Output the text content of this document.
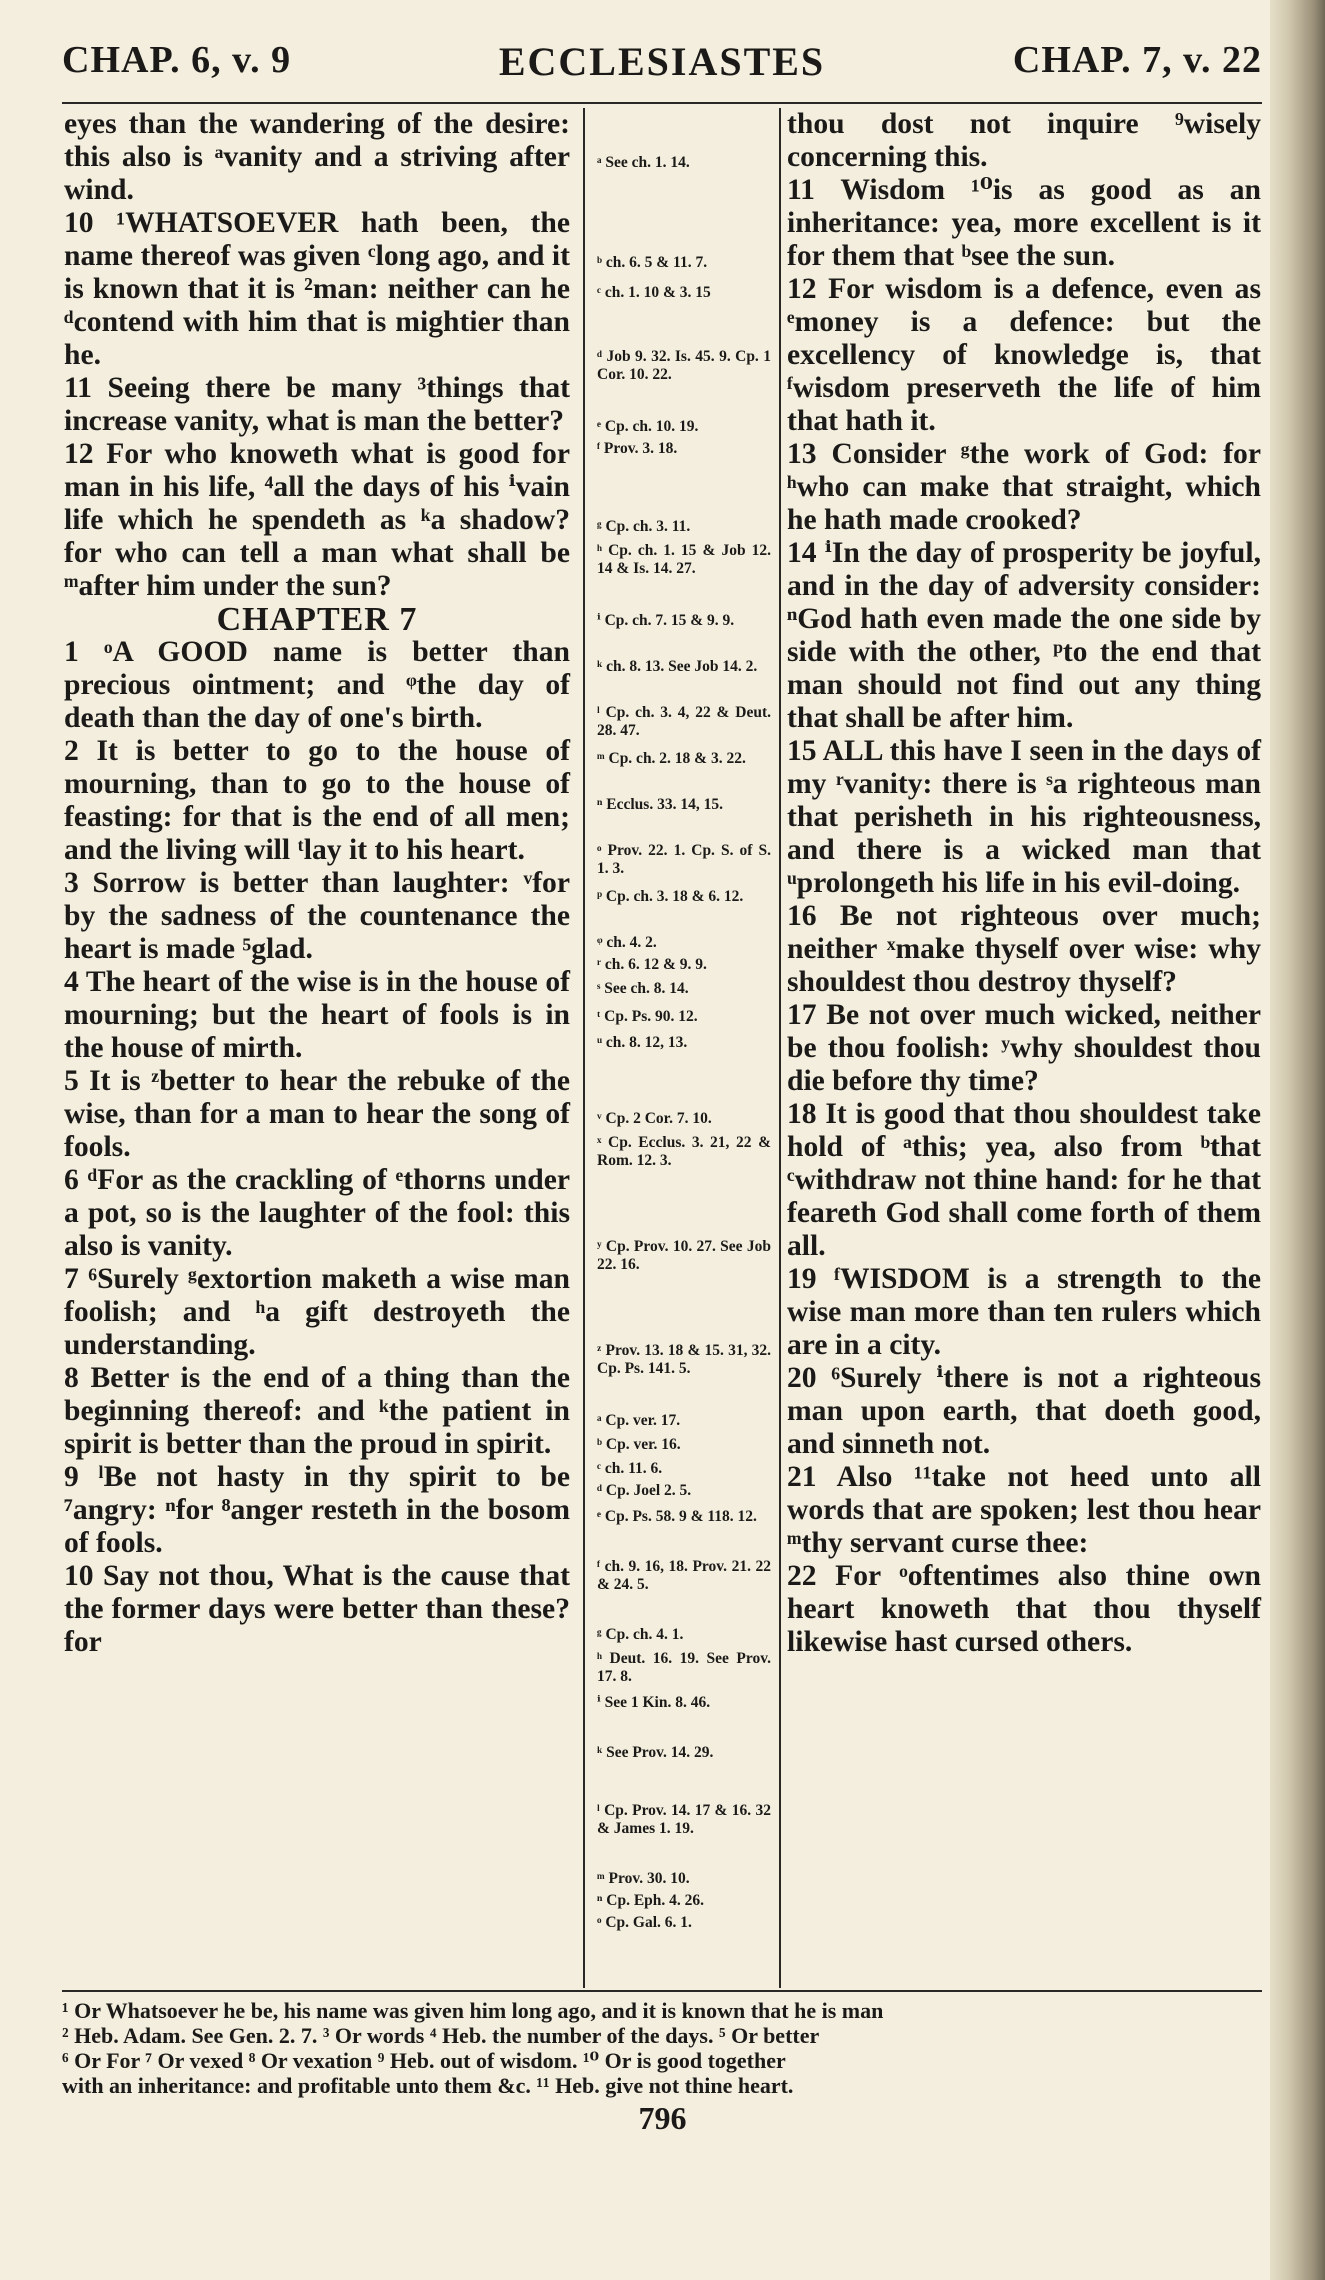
ECCLESIASTES
CHAP. 6, v. 9	CHAP. 7, v. 22

eyes than the wandering of the desire: this also is ᵃvanity and a striving after wind.

10 ¹WHATSOEVER hath been, the name thereof was given ᶜlong ago, and it is known that it is ²man: neither can he ᵈcontend with him that is mightier than he.

11 Seeing there be many ³things that increase vanity, what is man the better?

12 For who knoweth what is good for man in his life, ⁴all the days of his ⁱvain life which he spendeth as ᵏa shadow? for who can tell a man what shall be ᵐafter him under the sun?

CHAPTER 7

1 ᵒA GOOD name is better than precious ointment; and ᵠthe day of death than the day of one's birth.

2 It is better to go to the house of mourning, than to go to the house of feasting: for that is the end of all men; and the living will ᵗlay it to his heart.

3 Sorrow is better than laughter: ᵛfor by the sadness of the countenance the heart is made ⁵glad.

4 The heart of the wise is in the house of mourning; but the heart of fools is in the house of mirth.

5 It is ᶻbetter to hear the rebuke of the wise, than for a man to hear the song of fools.

6 ᵈFor as the crackling of ᵉthorns under a pot, so is the laughter of the fool: this also is vanity.

7 ⁶Surely ᵍextortion maketh a wise man foolish; and ʰa gift destroyeth the understanding.

8 Better is the end of a thing than the beginning thereof: and ᵏthe patient in spirit is better than the proud in spirit.

9 ˡBe not hasty in thy spirit to be ⁷angry: ⁿfor ⁸anger resteth in the bosom of fools.

10 Say not thou, What is the cause that the former days were better than these? for

ᵃ See ch. 1. 14.
ᵇ ch. 6. 5 & 11. 7.
ᶜ ch. 1. 10 & 3. 15
ᵈ Job 9. 32. Is. 45. 9. Cp. 1 Cor. 10. 22.
ᵉ Cp. ch. 10. 19.
ᶠ Prov. 3. 18.
ᵍ Cp. ch. 3. 11.
ʰ Cp. ch. 1. 15 & Job 12. 14 & Is. 14. 27.
ⁱ Cp. ch. 7. 15 & 9. 9.
ᵏ ch. 8. 13. See Job 14. 2.
ˡ Cp. ch. 3. 4, 22 & Deut. 28. 47.
ᵐ Cp. ch. 2. 18 & 3. 22.
ⁿ Ecclus. 33. 14, 15.
ᵒ Prov. 22. 1. Cp. S. of S. 1. 3.
ᵖ Cp. ch. 3. 18 & 6. 12.
ᵠ ch. 4. 2.
ʳ ch. 6. 12 & 9. 9.
ˢ See ch. 8. 14.
ᵗ Cp. Ps. 90. 12.
ᵘ ch. 8. 12, 13.
ᵛ Cp. 2 Cor. 7. 10.
ˣ Cp. Ecclus. 3. 21, 22 & Rom. 12. 3.
ʸ Cp. Prov. 10. 27. See Job 22. 16.
ᶻ Prov. 13. 18 & 15. 31, 32. Cp. Ps. 141. 5.
ᵃ Cp. ver. 17.
ᵇ Cp. ver. 16.
ᶜ ch. 11. 6.
ᵈ Cp. Joel 2. 5.
ᵉ Cp. Ps. 58. 9 & 118. 12.
ᶠ ch. 9. 16, 18. Prov. 21. 22 & 24. 5.
ᵍ Cp. ch. 4. 1.
ʰ Deut. 16. 19. See Prov. 17. 8.
ⁱ See 1 Kin. 8. 46.
ᵏ See Prov. 14. 29.
ˡ Cp. Prov. 14. 17 & 16. 32 & James 1. 19.
ᵐ Prov. 30. 10.
ⁿ Cp. Eph. 4. 26.
ᵒ Cp. Gal. 6. 1.

thou dost not inquire ⁹wisely concerning this.

11 Wisdom ¹⁰is as good as an inheritance: yea, more excellent is it for them that ᵇsee the sun.

12 For wisdom is a defence, even as ᵉmoney is a defence: but the excellency of knowledge is, that ᶠwisdom preserveth the life of him that hath it.

13 Consider ᵍthe work of God: for ʰwho can make that straight, which he hath made crooked?

14 ⁱIn the day of prosperity be joyful, and in the day of adversity consider: ⁿGod hath even made the one side by side with the other, ᵖto the end that man should not find out any thing that shall be after him.

15 ALL this have I seen in the days of my ʳvanity: there is ˢa righteous man that perisheth in his righteousness, and there is a wicked man that ᵘprolongeth his life in his evil-doing.

16 Be not righteous over much; neither ˣmake thyself over wise: why shouldest thou destroy thyself?

17 Be not over much wicked, neither be thou foolish: ʸwhy shouldest thou die before thy time?

18 It is good that thou shouldest take hold of ᵃthis; yea, also from ᵇthat ᶜwithdraw not thine hand: for he that feareth God shall come forth of them all.

19 ᶠWISDOM is a strength to the wise man more than ten rulers which are in a city.

20 ⁶Surely ⁱthere is not a righteous man upon earth, that doeth good, and sinneth not.

21 Also ¹¹take not heed unto all words that are spoken; lest thou hear ᵐthy servant curse thee:

22 For ᵒoftentimes also thine own heart knoweth that thou thyself likewise hast cursed others.

¹ Or Whatsoever he be, his name was given him long ago, and it is known that he is man

² Heb. Adam. See Gen. 2. 7. ³ Or words ⁴ Heb. the number of the days. ⁵ Or better

⁶ Or For ⁷ Or vexed ⁸ Or vexation ⁹ Heb. out of wisdom. ¹⁰ Or is good together

with an inheritance: and profitable unto them &c. ¹¹ Heb. give not thine heart.

796
